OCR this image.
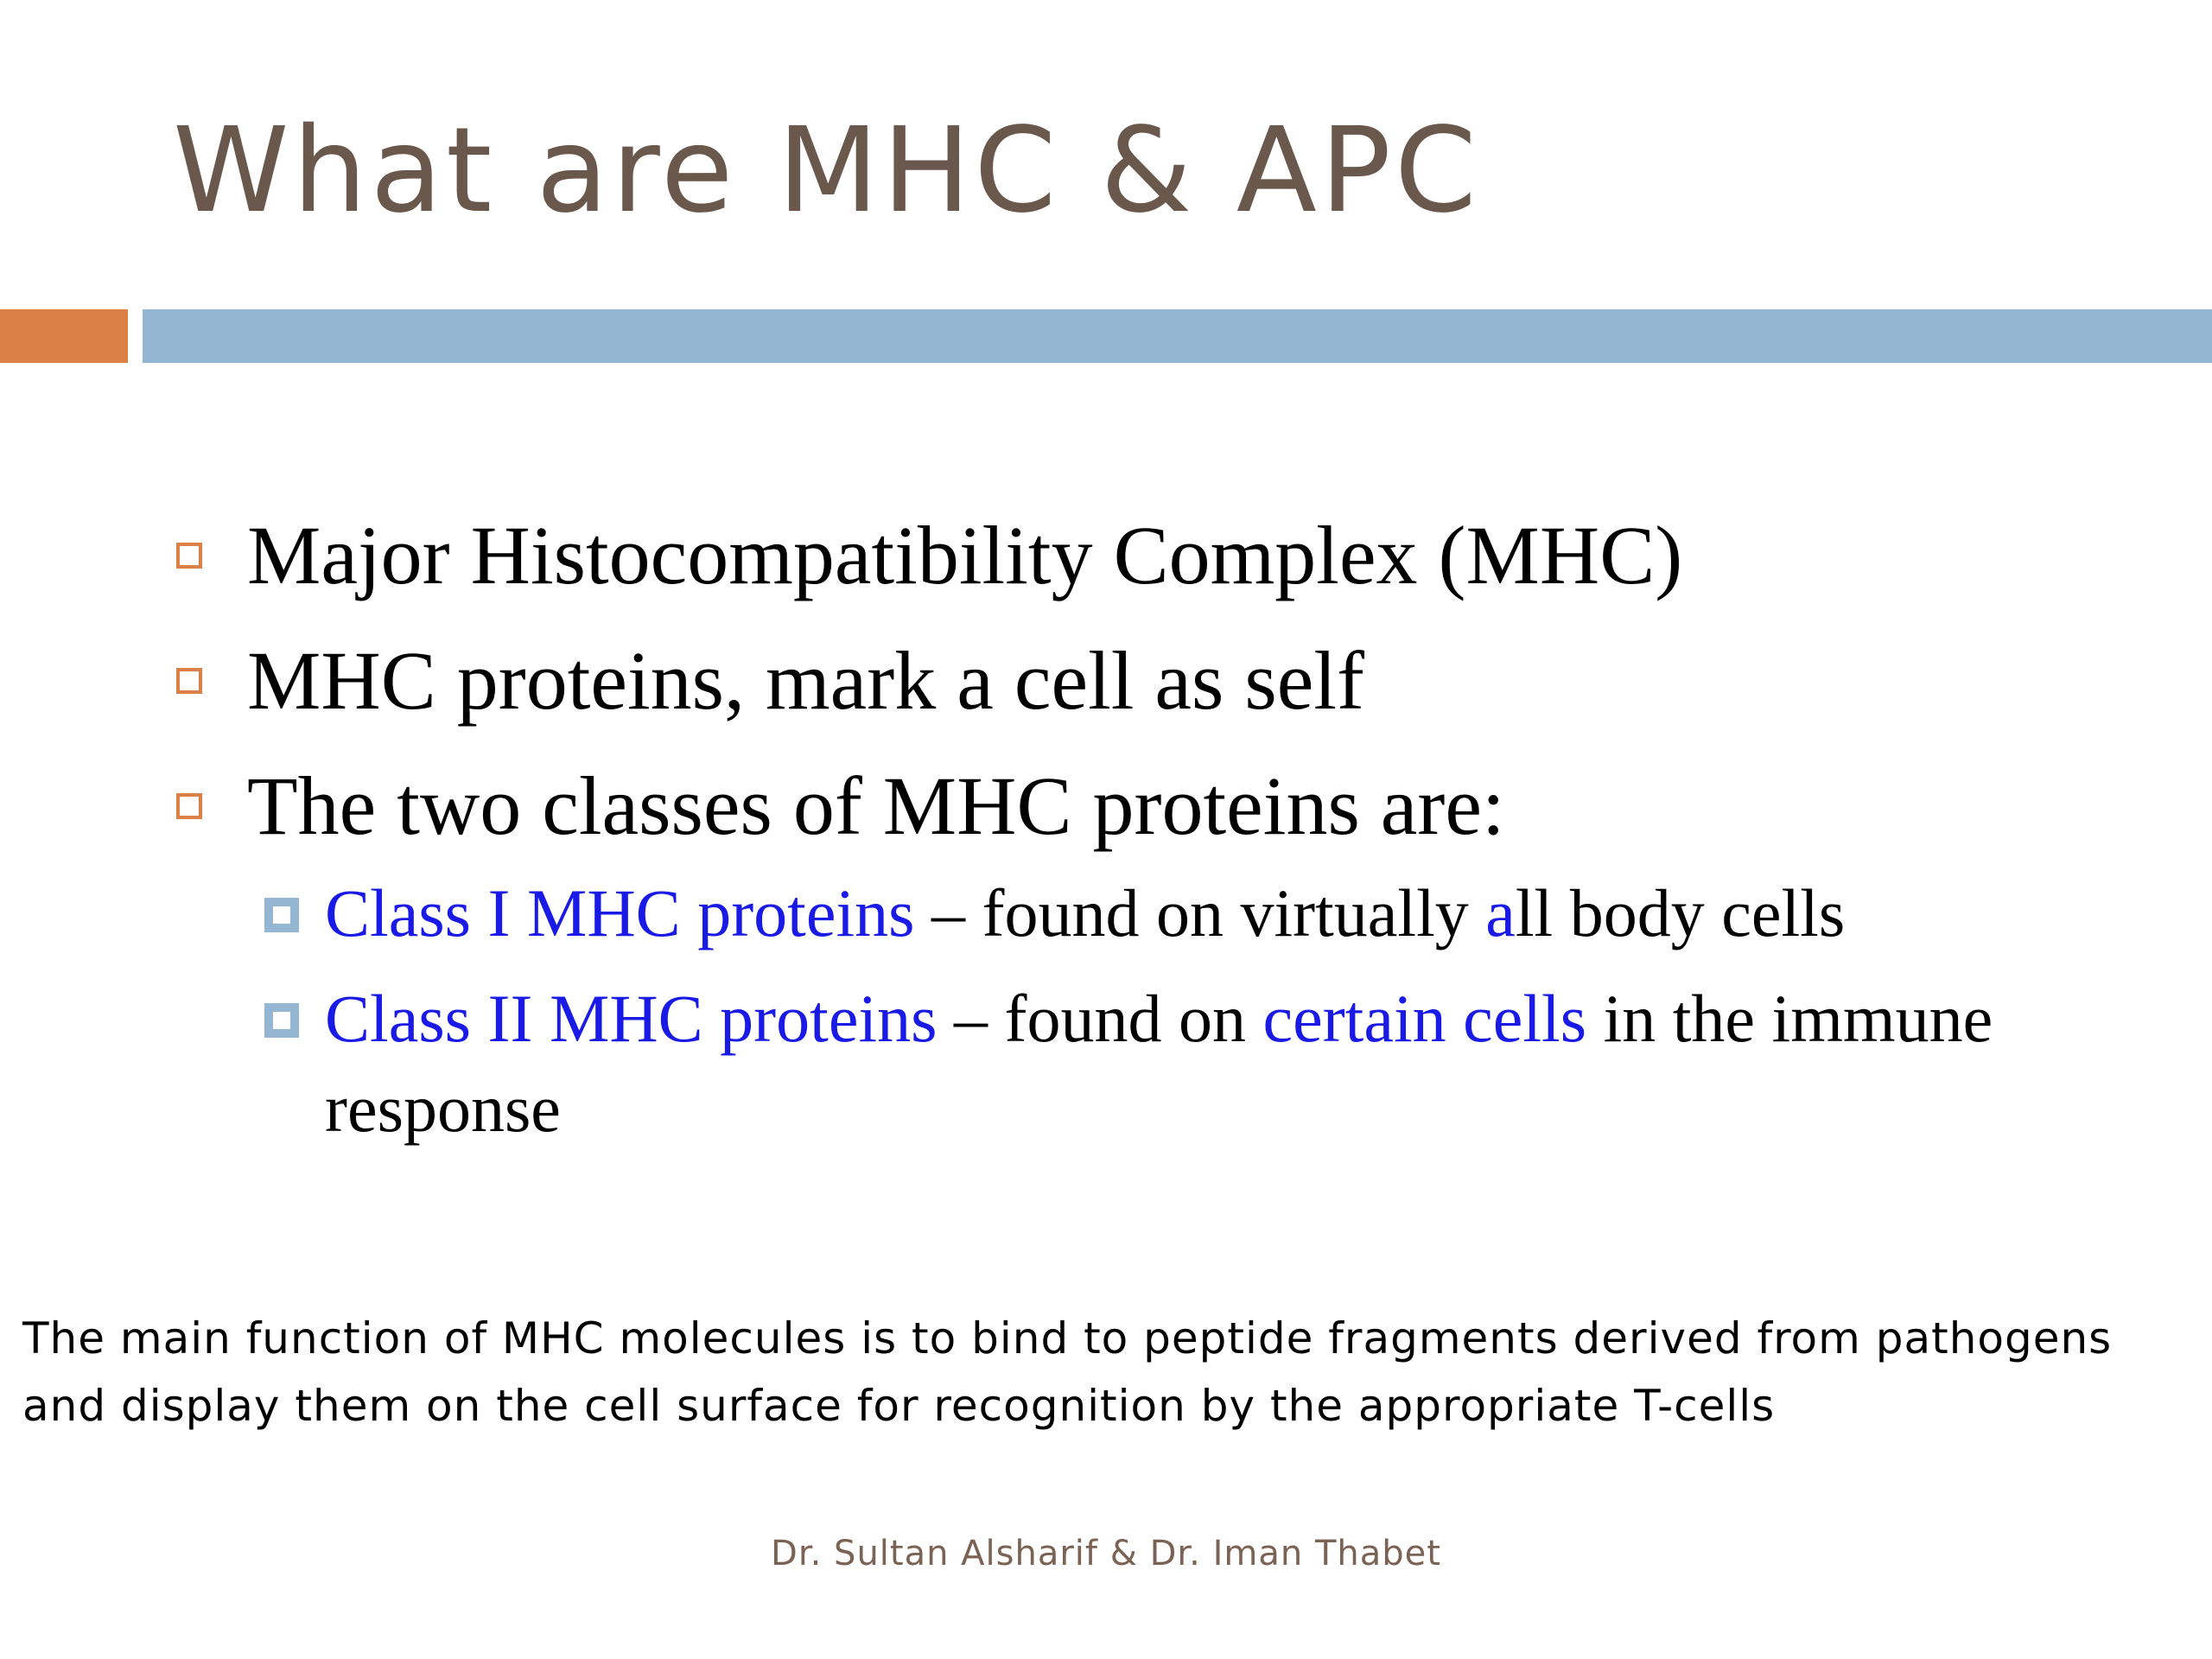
What are MHC & APC
Major Histocompatibility Complex (MHC)
MHC proteins, mark a cell as self
The two classes of MHC proteins are:
Class I MHC proteins – found on virtually all body cells
Class II MHC proteins – found on certain cells in the immune response
The main function of MHC molecules is to bind to peptide fragments derived from pathogens and display them on the cell surface for recognition by the appropriate T-cells
Dr. Sultan Alsharif & Dr. Iman Thabet
